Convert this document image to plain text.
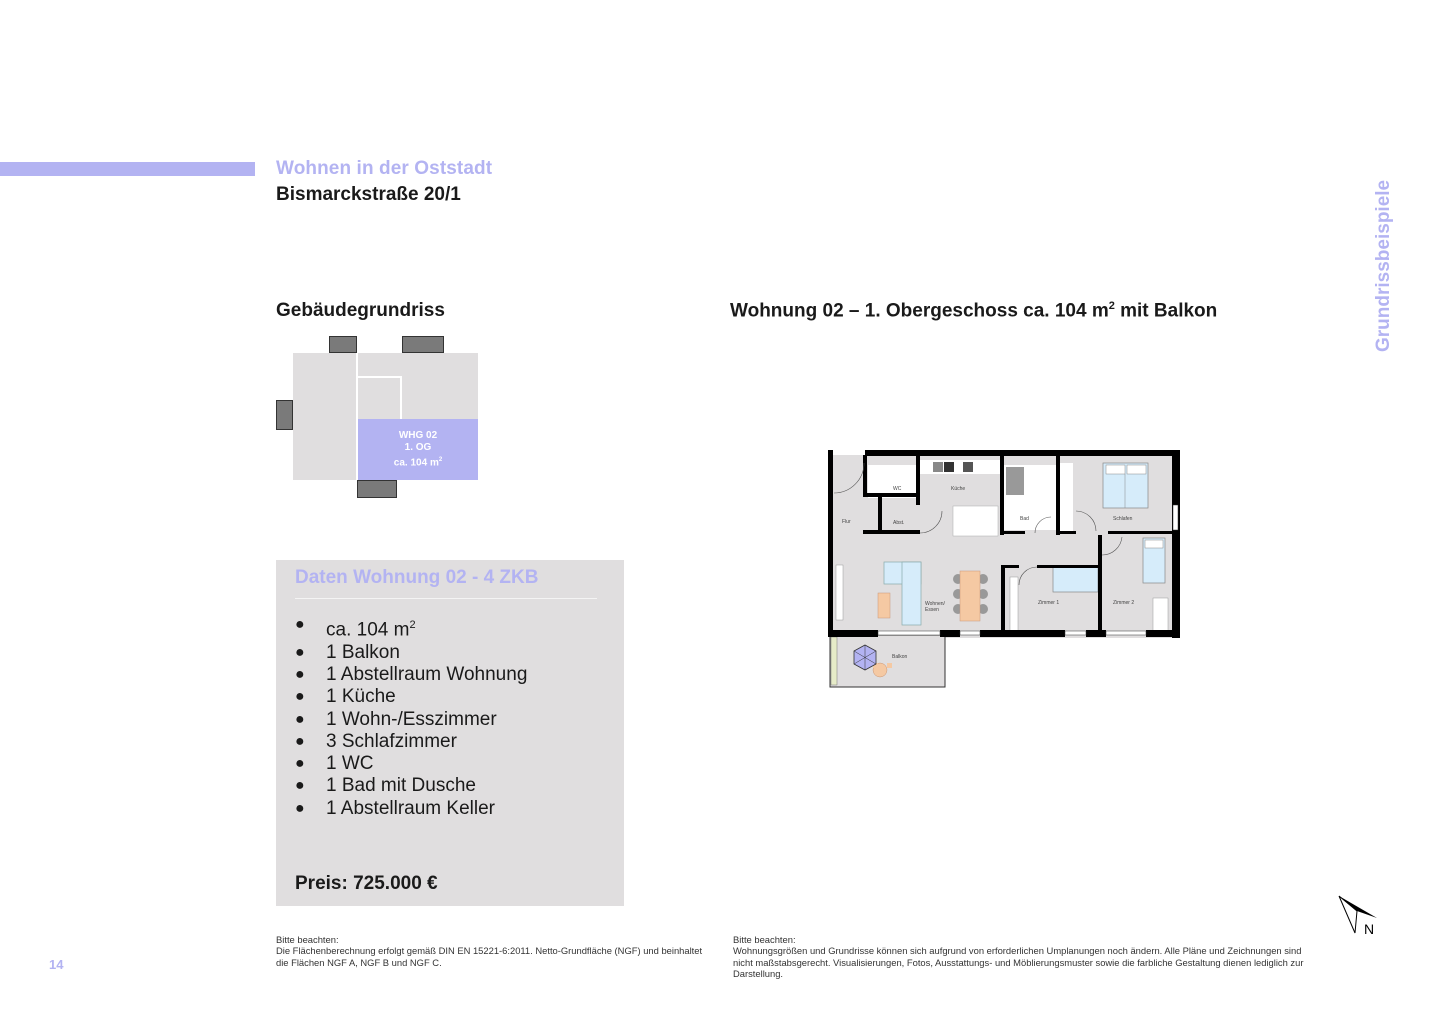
Wohnen in der Oststadt
Bismarckstraße 20/1	Grundrissbeispiele
Gebäudegrundriss
WHG 02
1. OG
ca. 104 $m^2$
Wohnung 02 – 1. Obergeschoss ca. 104 $m^2$ mit Balkon
Flur
WC
Abst.
Küche
Bad	Schlafen
Wohnen/
Essen
Zimmer 1	Zimmer 2
Balkon
Daten Wohnung 02 - 4 ZKB
●	ca. 104 $m^2$
●	1 Balkon
●	1 Abstellraum Wohnung
●	1 Küche
●	1 Wohn-/Esszimmer
●	3 Schlafzimmer
●	1 WC
●	1 Bad mit Dusche
●	1 Abstellraum Keller
Preis: 725.000 €
Bitte beachten:
Die Flächenberechnung erfolgt gemäß DIN EN 15221-6:2011. Netto-Grundfläche (NGF) und beinhaltet die Flächen NGF A, NGF B und NGF C.
Bitte beachten:
Wohnungsgrößen und Grundrisse können sich aufgrund von erforderlichen Umplanungen noch ändern. Alle Pläne und Zeichnungen sind nicht maßstabsgerecht. Visualisierungen, Fotos, Ausstattungs- und Möblierungsmuster sowie die farbliche Gestaltung dienen lediglich zur Darstellung.
N
14
